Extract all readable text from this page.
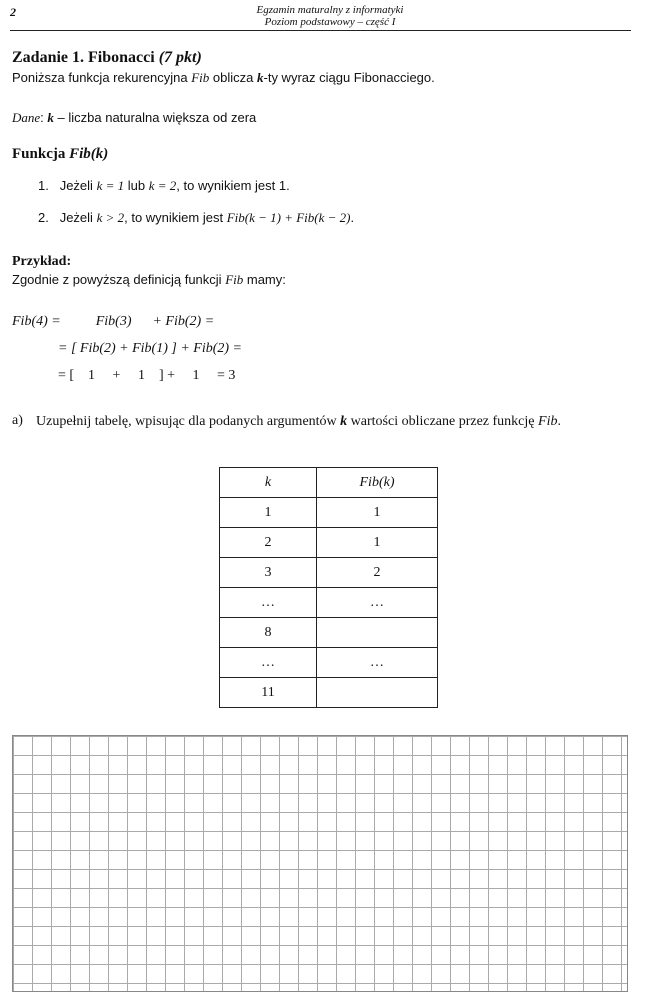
2	Egzamin maturalny z informatyki
Poziom podstawowy – część I
Zadanie 1. Fibonacci (7 pkt)
Poniższa funkcja rekurencyjna Fib oblicza k-ty wyraz ciągu Fibonacciego.
Dane: k – liczba naturalna większa od zera
Funkcja Fib(k)
1. Jeżeli k = 1 lub k = 2, to wynikiem jest 1.
2. Jeżeli k > 2, to wynikiem jest Fib(k − 1) + Fib(k − 2).
Przykład:
Zgodnie z powyższą definicją funkcji Fib mamy:
Fib(4) =          Fib(3)      + Fib(2) =
= [ Fib(2) + Fib(1) ] + Fib(2) =
= [    1     +     1    ] +     1     = 3
a) Uzupełnij tabelę, wpisując dla podanych argumentów k wartości obliczane przez funkcję Fib.
k	Fib(k)
1	1
2	1
3	2
…	…
8	
…	…
11	
